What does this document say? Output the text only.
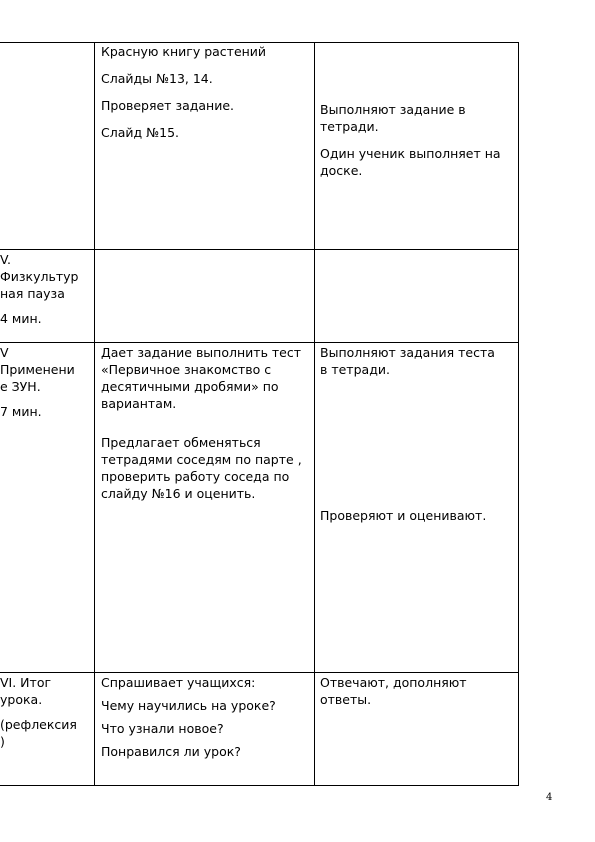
Красную книгу растений

Слайды №13, 14.

Проверяет задание.

Слайд №15.

Выполняют задание в тетради.

Один ученик выполняет на доске.

V.

Физкультур

ная пауза

4 мин.

V

Применени

е ЗУН.

7 мин.

Дает задание выполнить тест «Первичное знакомство с десятичными дробями» по вариантам.

Предлагает обменяться тетрадями соседям по парте , проверить работу соседа по слайду №16 и оценить.

Выполняют задания теста в тетради.

Проверяют и оценивают.

VI. Итог

урока.

(рефлексия

)

Спрашивает учащихся:

Чему научились на уроке?

Что узнали новое?

Понравился ли урок?

Отвечают, дополняют ответы.

4
